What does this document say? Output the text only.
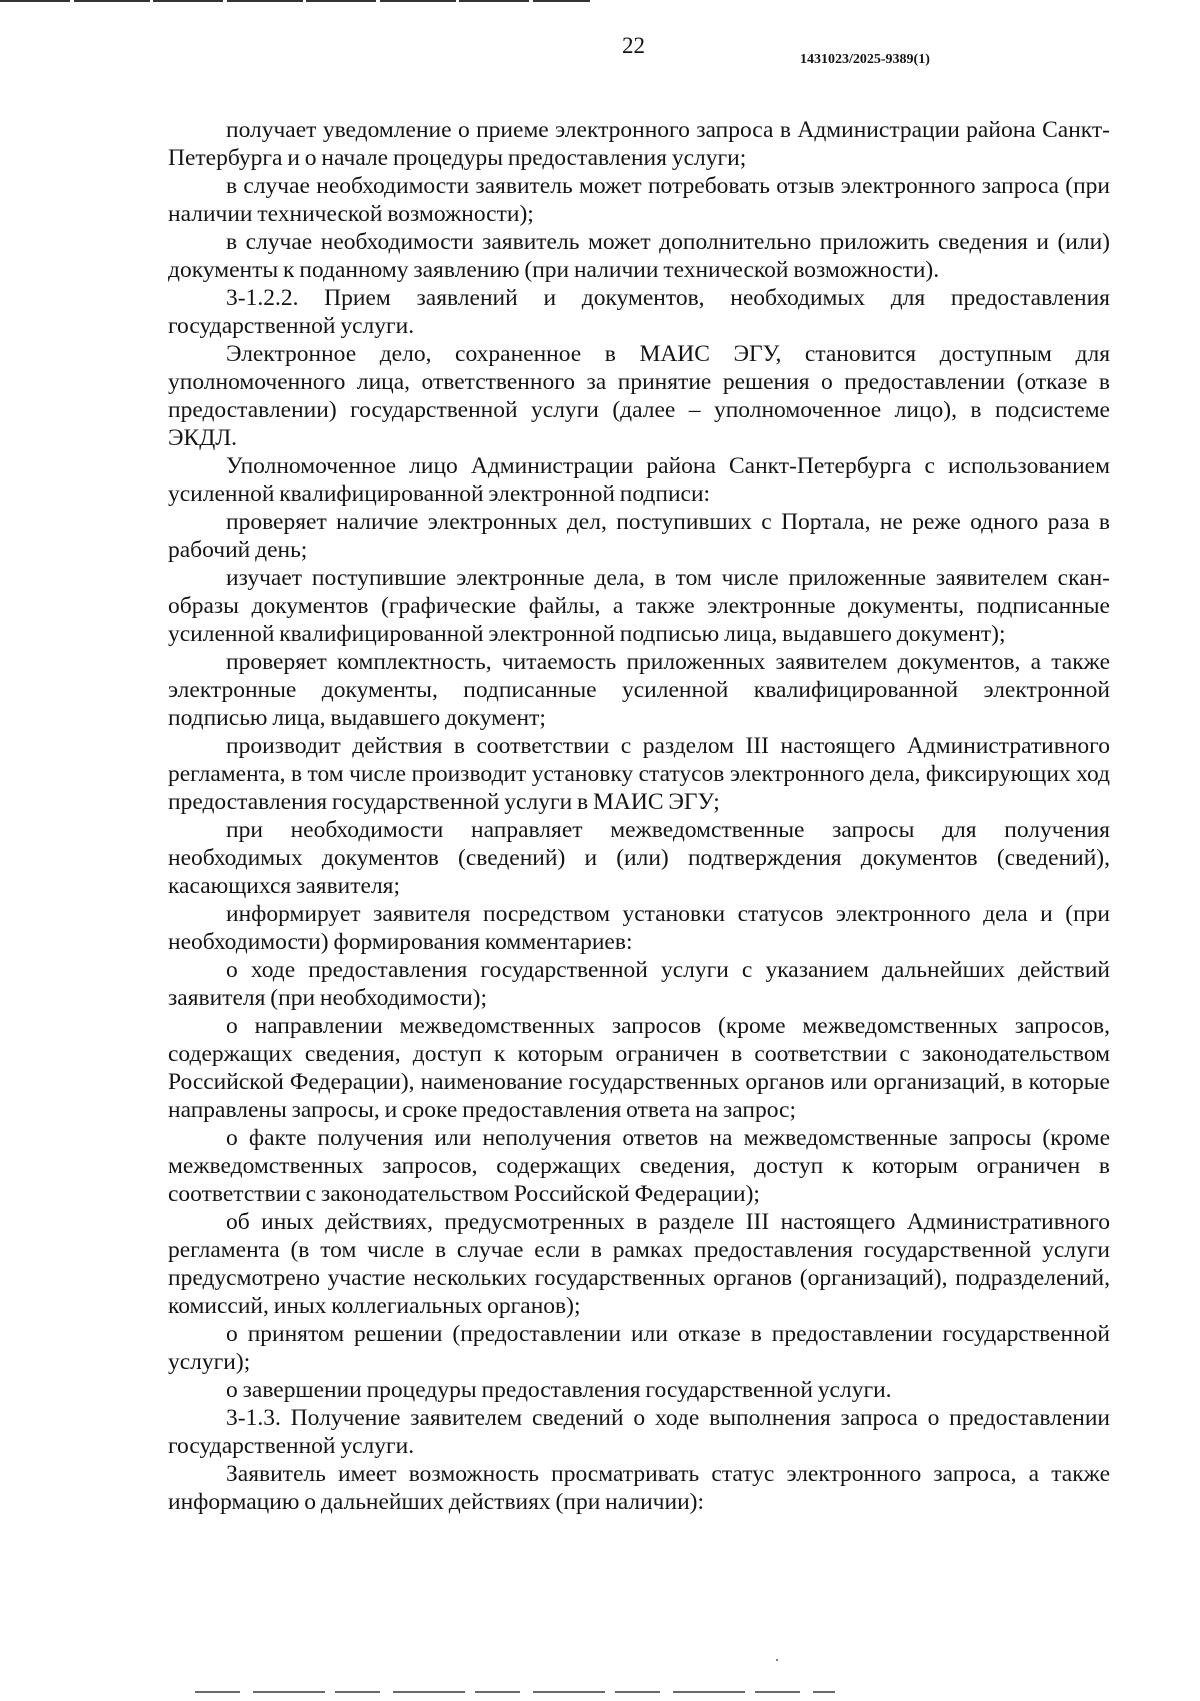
22
1431023/2025-9389(1)

получает уведомление о приеме электронного запроса в Администрации района Санкт-Петербурга и о начале процедуры предоставления услуги;

в случае необходимости заявитель может потребовать отзыв электронного запроса (при наличии технической возможности);

в случае необходимости заявитель может дополнительно приложить сведения и (или) документы к поданному заявлению (при наличии технической возможности).

3-1.2.2. Прием заявлений и документов, необходимых для предоставления государственной услуги.

Электронное дело, сохраненное в МАИС ЭГУ, становится доступным для уполномоченного лица, ответственного за принятие решения о предоставлении (отказе в предоставлении) государственной услуги (далее – уполномоченное лицо), в подсистеме ЭКДЛ.

Уполномоченное лицо Администрации района Санкт-Петербурга с использованием усиленной квалифицированной электронной подписи:

проверяет наличие электронных дел, поступивших с Портала, не реже одного раза в рабочий день;

изучает поступившие электронные дела, в том числе приложенные заявителем скан-образы документов (графические файлы, а также электронные документы, подписанные усиленной квалифицированной электронной подписью лица, выдавшего документ);

проверяет комплектность, читаемость приложенных заявителем документов, а также электронные документы, подписанные усиленной квалифицированной электронной подписью лица, выдавшего документ;

производит действия в соответствии с разделом III настоящего Административного регламента, в том числе производит установку статусов электронного дела, фиксирующих ход предоставления государственной услуги в МАИС ЭГУ;

при необходимости направляет межведомственные запросы для получения необходимых документов (сведений) и (или) подтверждения документов (сведений), касающихся заявителя;

информирует заявителя посредством установки статусов электронного дела и (при необходимости) формирования комментариев:

о ходе предоставления государственной услуги с указанием дальнейших действий заявителя (при необходимости);

о направлении межведомственных запросов (кроме межведомственных запросов, содержащих сведения, доступ к которым ограничен в соответствии с законодательством Российской Федерации), наименование государственных органов или организаций, в которые направлены запросы, и сроке предоставления ответа на запрос;

о факте получения или неполучения ответов на межведомственные запросы (кроме межведомственных запросов, содержащих сведения, доступ к которым ограничен в соответствии с законодательством Российской Федерации);

об иных действиях, предусмотренных в разделе III настоящего Административного регламента (в том числе в случае если в рамках предоставления государственной услуги предусмотрено участие нескольких государственных органов (организаций), подразделений, комиссий, иных коллегиальных органов);

о принятом решении (предоставлении или отказе в предоставлении государственной услуги);

о завершении процедуры предоставления государственной услуги.

3-1.3. Получение заявителем сведений о ходе выполнения запроса о предоставлении государственной услуги.

Заявитель имеет возможность просматривать статус электронного запроса, а также информацию о дальнейших действиях (при наличии):
